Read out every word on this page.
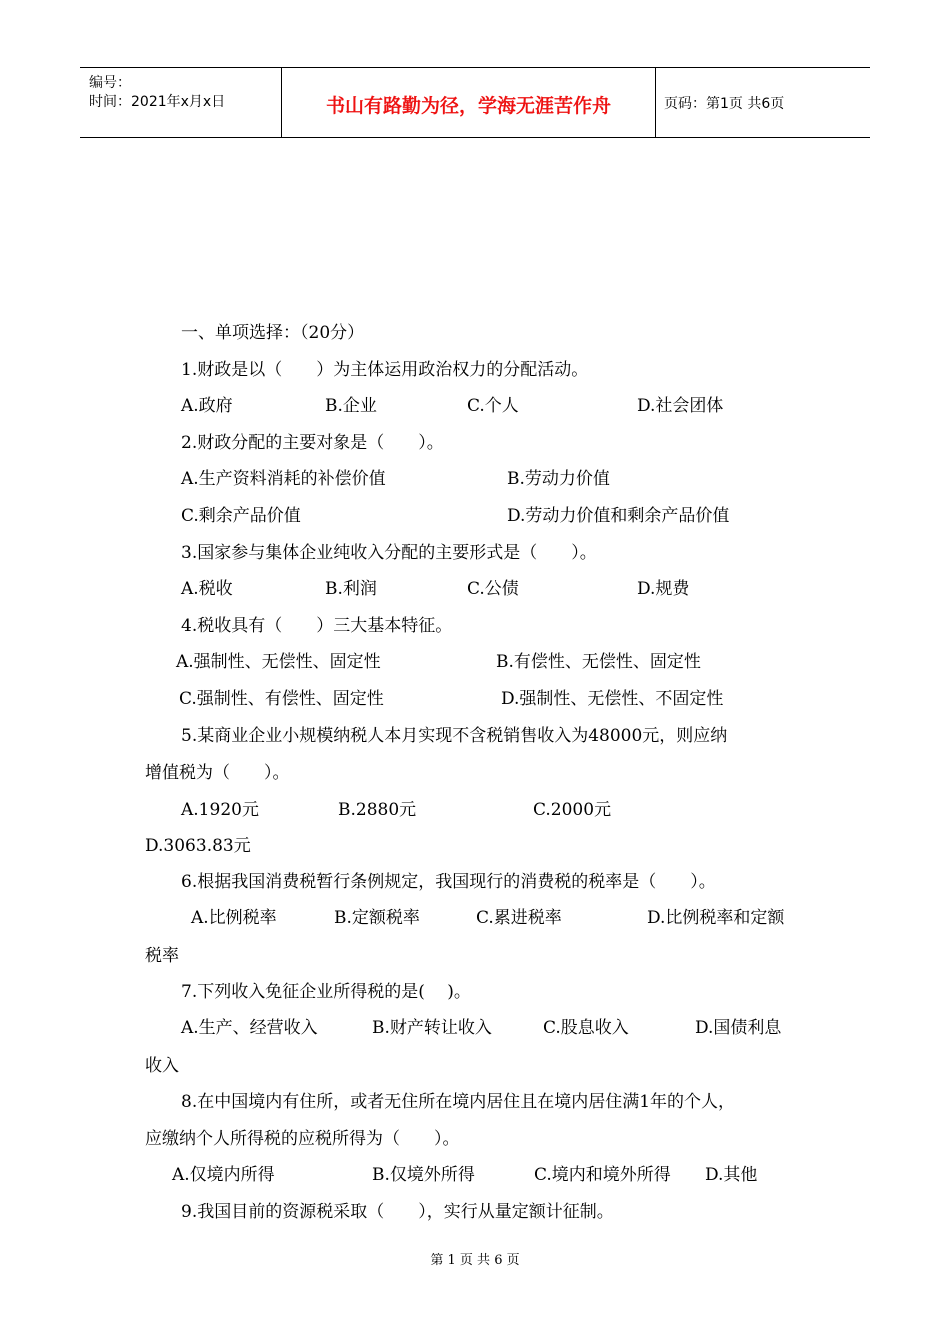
编号：
时间：2021年x月x日	书山有路勤为径，学海无涯苦作舟	页码：第1页 共6页
一、单项选择：（20分）
1.财政是以（　　）为主体运用政治权力的分配活动。
A.政府	B.企业	C.个人	D.社会团体
2.财政分配的主要对象是（　　）。
A.生产资料消耗的补偿价值	B.劳动力价值
C.剩余产品价值	D.劳动力价值和剩余产品价值
3.国家参与集体企业纯收入分配的主要形式是（　　）。
A.税收	B.利润	C.公债	D.规费
4.税收具有（　　）三大基本特征。
A.强制性、无偿性、固定性	B.有偿性、无偿性、固定性
C.强制性、有偿性、固定性	D.强制性、无偿性、不固定性
5.某商业企业小规模纳税人本月实现不含税销售收入为48000元，则应纳
增值税为（　　）。
A.1920元	B.2880元	C.2000元
D.3063.83元
6.根据我国消费税暂行条例规定，我国现行的消费税的税率是（　　）。
A.比例税率	B.定额税率	C.累进税率	D.比例税率和定额
税率
7.下列收入免征企业所得税的是(　 )。
A.生产、经营收入	B.财产转让收入	C.股息收入	D.国债利息
收入
8.在中国境内有住所，或者无住所在境内居住且在境内居住满1年的个人，
应缴纳个人所得税的应税所得为（　　）。
A.仅境内所得	B.仅境外所得	C.境内和境外所得 D.其他
9.我国目前的资源税采取（　　），实行从量定额计征制。
第 1 页 共 6 页
